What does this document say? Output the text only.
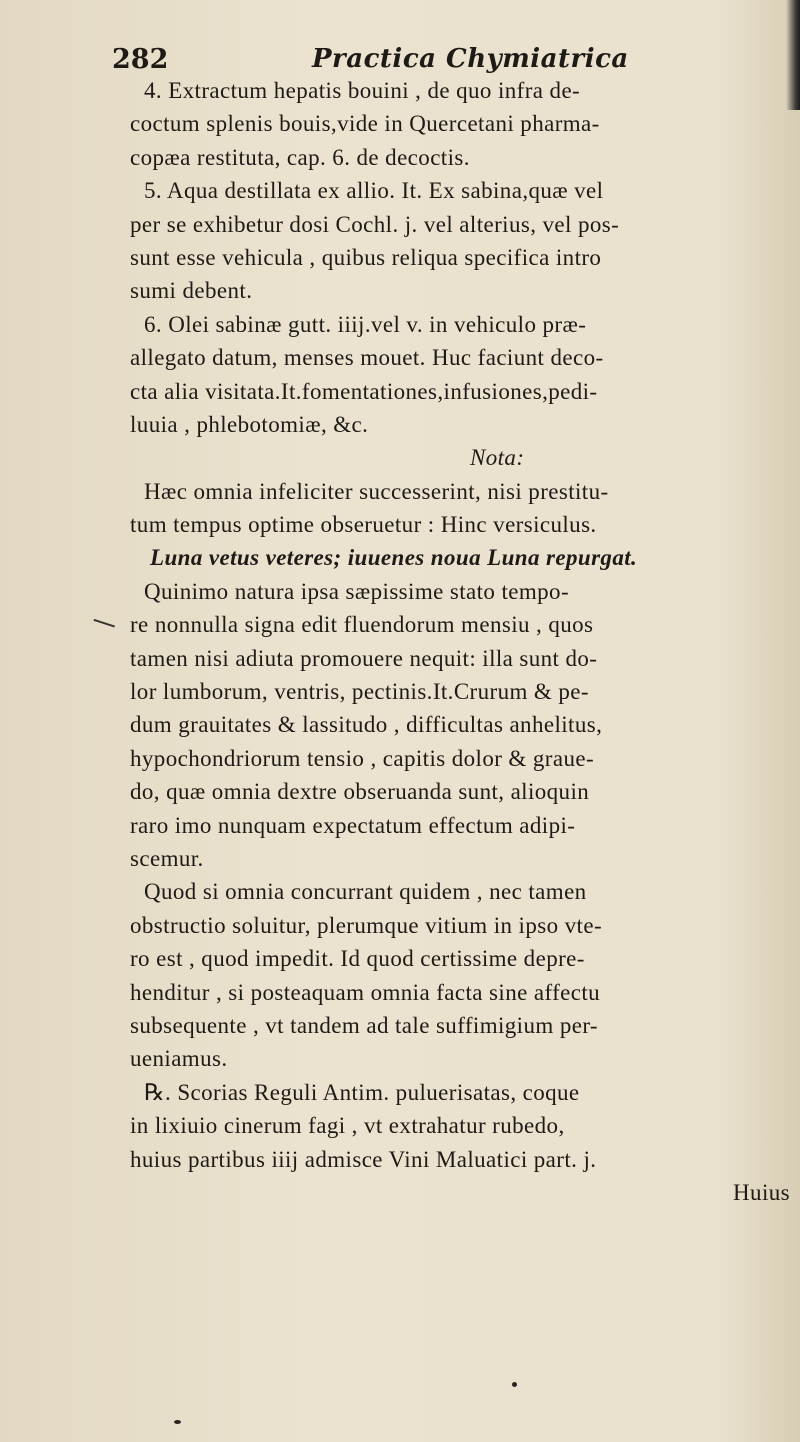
282	Practica Chymiatrica
4. Extractum hepatis bouini , de quo infra de-
coctum splenis bouis,vide in Quercetani pharma-
copæa restituta, cap. 6. de decoctis.
5. Aqua destillata ex allio. It. Ex sabina,quæ vel
per se exhibetur dosi Cochl. j. vel alterius, vel pos-
sunt esse vehicula , quibus reliqua specifica intro
sumi debent.
6. Olei sabinæ gutt. iiij.vel v. in vehiculo præ-
allegato datum, menses mouet. Huc faciunt deco-
cta alia visitata.It.fomentationes,infusiones,pedi-
luuia , phlebotomiæ, &c.
Nota:
Hæc omnia infeliciter successerint, nisi prestitu-
tum tempus optime obseruetur : Hinc versiculus.
Luna vetus veteres; iuuenes noua Luna repurgat.
Quinimo natura ipsa sæpissime stato tempo-
re nonnulla signa edit fluendorum mensiu , quos
tamen nisi adiuta promouere nequit: illa sunt do-
lor lumborum, ventris, pectinis.It.Crurum & pe-
dum grauitates & lassitudo , difficultas anhelitus,
hypochondriorum tensio , capitis dolor & graue-
do, quæ omnia dextre obseruanda sunt, alioquin
raro imo nunquam expectatum effectum adipi-
scemur.
Quod si omnia concurrant quidem , nec tamen
obstructio soluitur, plerumque vitium in ipso vte-
ro est , quod impedit. Id quod certissime depre-
henditur , si posteaquam omnia facta sine affectu
subsequente , vt tandem ad tale suffimigium per-
ueniamus.
℞. Scorias Reguli Antim. puluerisatas, coque
in lixiuio cinerum fagi , vt extrahatur rubedo,
huius partibus iiij admisce Vini Maluatici part. j.
Huius
